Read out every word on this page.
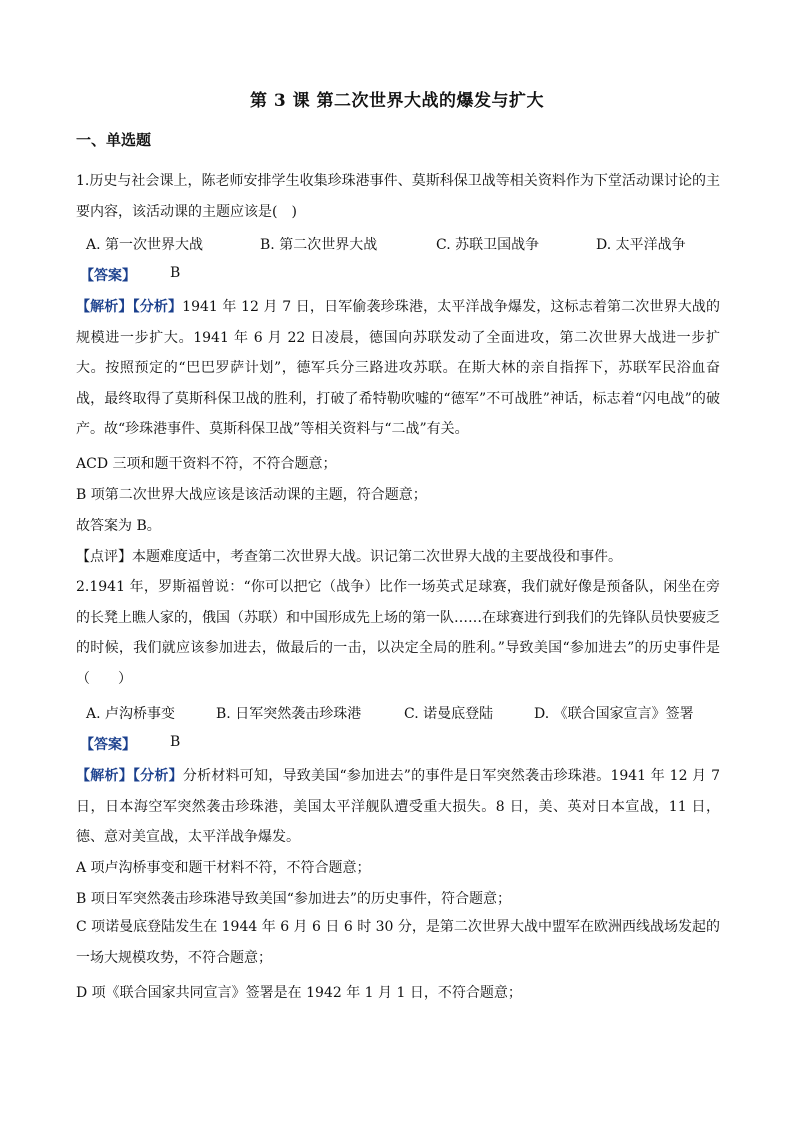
第 3 课 第二次世界大战的爆发与扩大
一、单选题
1.历史与社会课上，陈老师安排学生收集珍珠港事件、莫斯科保卫战等相关资料作为下堂活动课讨论的主要内容，该活动课的主题应该是(　)
A. 第一次世界大战	B. 第二次世界大战	C. 苏联卫国战争	D. 太平洋战争
【答案】 B
【解析】【分析】1941 年 12 月 7 日，日军偷袭珍珠港，太平洋战争爆发，这标志着第二次世界大战的规模进一步扩大。1941 年 6 月 22 日凌晨，德国向苏联发动了全面进攻，第二次世界大战进一步扩大。按照预定的“巴巴罗萨计划”，德军兵分三路进攻苏联。在斯大林的亲自指挥下，苏联军民浴血奋战，最终取得了莫斯科保卫战的胜利，打破了希特勒吹嘘的“德军”不可战胜”神话，标志着“闪电战”的破产。故“珍珠港事件、莫斯科保卫战”等相关资料与“二战”有关。
ACD 三项和题干资料不符，不符合题意；
B 项第二次世界大战应该是该活动课的主题，符合题意；
故答案为 B。
【点评】本题难度适中，考查第二次世界大战。识记第二次世界大战的主要战役和事件。
2.1941 年，罗斯福曾说：“你可以把它（战争）比作一场英式足球赛，我们就好像是预备队，闲坐在旁的长凳上瞧人家的，俄国（苏联）和中国形成先上场的第一队……在球赛进行到我们的先锋队员快要疲乏的时候，我们就应该参加进去，做最后的一击，以决定全局的胜利。”导致美国“参加进去”的历史事件是（　　）
A. 卢沟桥事变	B. 日军突然袭击珍珠港	C. 诺曼底登陆	D. 《联合国家宣言》签署
【答案】 B
【解析】【分析】分析材料可知，导致美国“参加进去”的事件是日军突然袭击珍珠港。1941 年 12 月 7 日，日本海空军突然袭击珍珠港，美国太平洋舰队遭受重大损失。8 日，美、英对日本宣战，11 日，德、意对美宣战，太平洋战争爆发。
A 项卢沟桥事变和题干材料不符，不符合题意；
B 项日军突然袭击珍珠港导致美国“参加进去”的历史事件，符合题意；
C 项诺曼底登陆发生在 1944 年 6 月 6 日 6 时 30 分，是第二次世界大战中盟军在欧洲西线战场发起的一场大规模攻势，不符合题意；
D 项《联合国家共同宣言》签署是在 1942 年 1 月 1 日，不符合题意；
